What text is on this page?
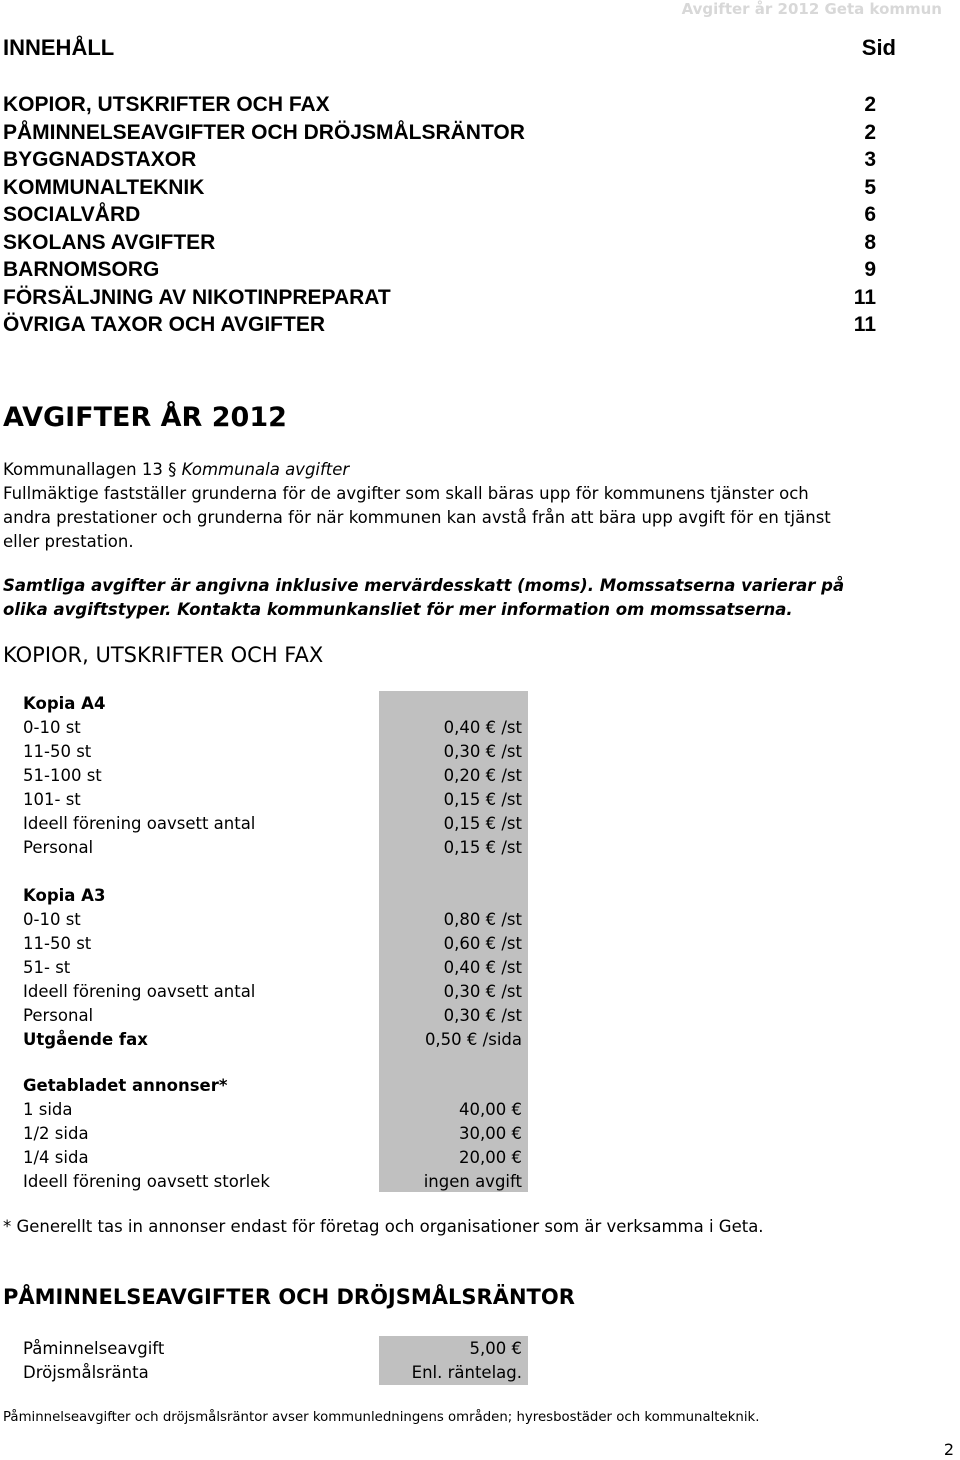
Avgifter år 2012 Geta kommun
INNEHÅLL	Sid
KOPIOR, UTSKRIFTER OCH FAX	2
PÅMINNELSEAVGIFTER OCH DRÖJSMÅLSRÄNTOR	2
BYGGNADSTAXOR	3
KOMMUNALTEKNIK	5
SOCIALVÅRD	6
SKOLANS AVGIFTER	8
BARNOMSORG	9
FÖRSÄLJNING AV NIKOTINPREPARAT	11
ÖVRIGA TAXOR OCH AVGIFTER	11
AVGIFTER ÅR 2012
Kommunallagen 13 § Kommunala avgifter
Fullmäktige fastställer grunderna för de avgifter som skall bäras upp för kommunens tjänster och
andra prestationer och grunderna för när kommunen kan avstå från att bära upp avgift för en tjänst
eller prestation.
Samtliga avgifter är angivna inklusive mervärdesskatt (moms). Momssatserna varierar på
olika avgiftstyper. Kontakta kommunkansliet för mer information om momssatserna.
KOPIOR, UTSKRIFTER OCH FAX
Kopia A4
0-10 st	0,40 € /st
11-50 st	0,30 € /st
51-100 st	0,20 € /st
101- st	0,15 € /st
Ideell förening oavsett antal	0,15 € /st
Personal	0,15 € /st
Kopia A3
0-10 st	0,80 € /st
11-50 st	0,60 € /st
51- st	0,40 € /st
Ideell förening oavsett antal	0,30 € /st
Personal	0,30 € /st
Utgående fax	0,50 € /sida
Getabladet annonser*
1 sida	40,00 €
1/2 sida	30,00 €
1/4 sida	20,00 €
Ideell förening oavsett storlek	ingen avgift
* Generellt tas in annonser endast för företag och organisationer som är verksamma i Geta.
PÅMINNELSEAVGIFTER OCH DRÖJSMÅLSRÄNTOR
Påminnelseavgift	5,00 €
Dröjsmålsränta	Enl. räntelag.
Påminnelseavgifter och dröjsmålsräntor avser kommunledningens områden; hyresbostäder och kommunalteknik.
2
